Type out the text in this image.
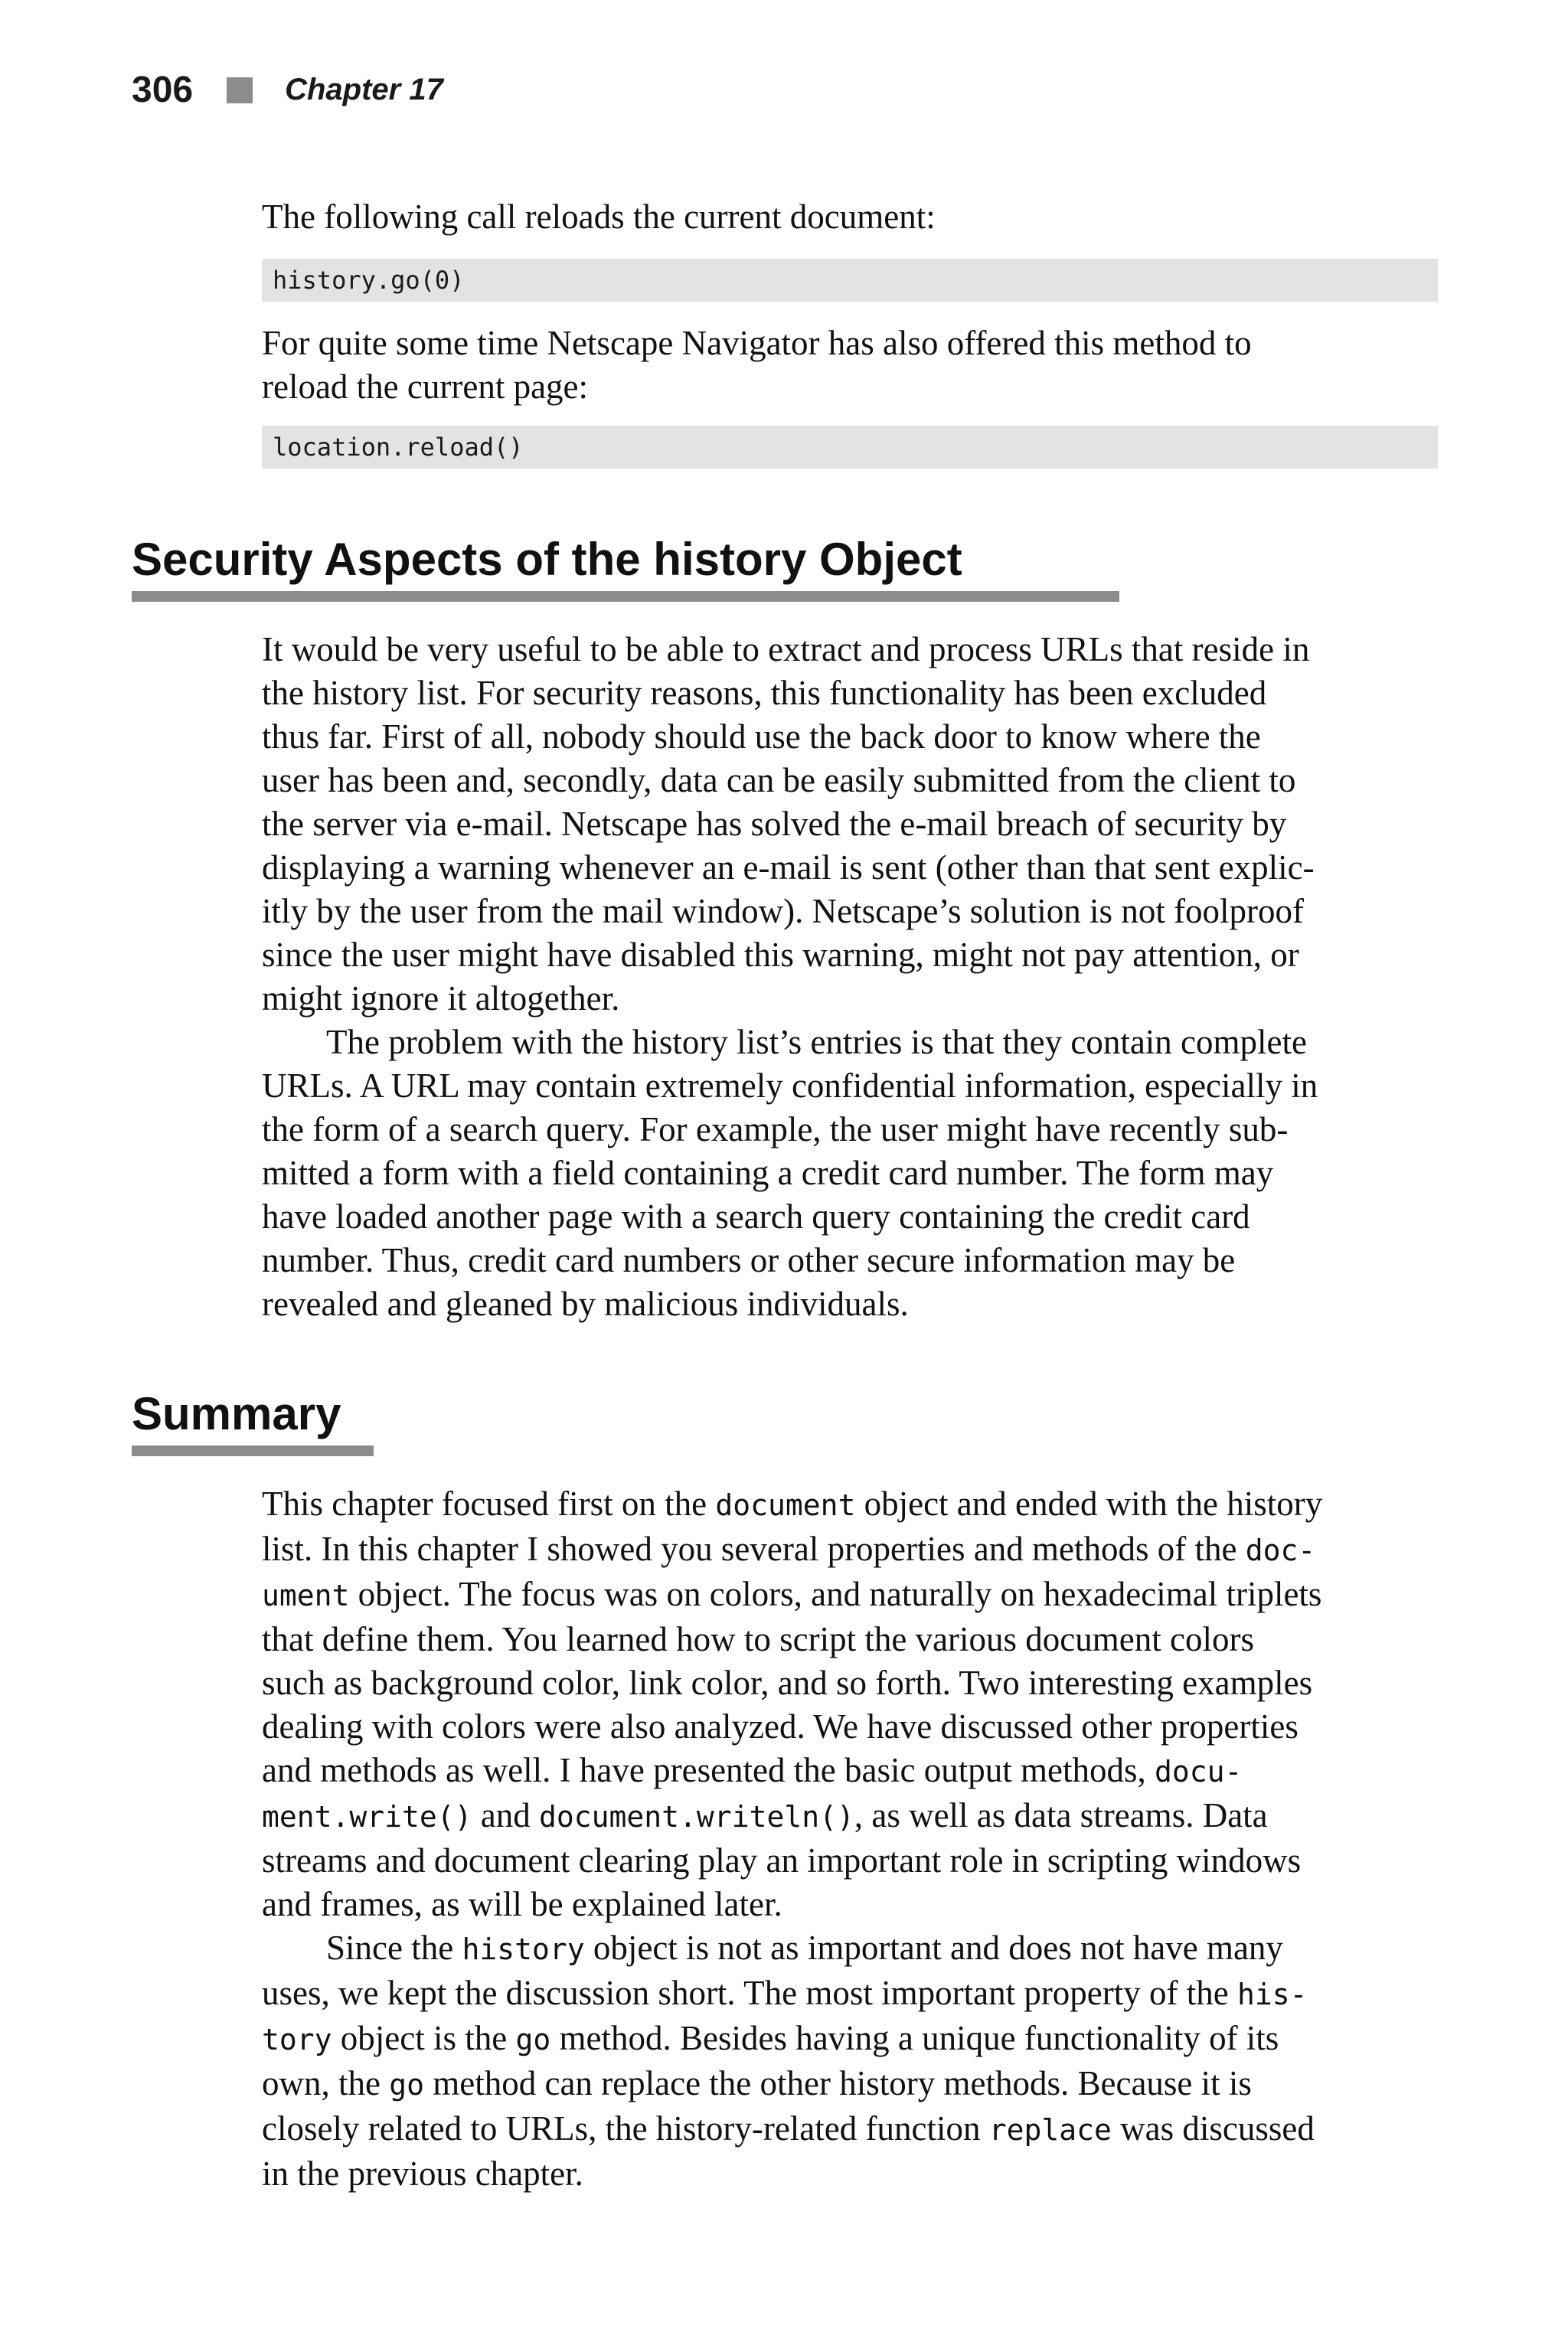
306	Chapter 17

The following call reloads the current document:

history.go(0)

For quite some time Netscape Navigator has also offered this method to
reload the current page:

location.reload()
Security Aspects of the history Object

It would be very useful to be able to extract and process URLs that reside in
the history list. For security reasons, this functionality has been excluded
thus far. First of all, nobody should use the back door to know where the
user has been and, secondly, data can be easily submitted from the client to
the server via e-mail. Netscape has solved the e-mail breach of security by
displaying a warning whenever an e-mail is sent (other than that sent explic-
itly by the user from the mail window). Netscape’s solution is not foolproof
since the user might have disabled this warning, might not pay attention, or
might ignore it altogether.

The problem with the history list’s entries is that they contain complete
URLs. A URL may contain extremely confidential information, especially in
the form of a search query. For example, the user might have recently sub-
mitted a form with a field containing a credit card number. The form may
have loaded another page with a search query containing the credit card
number. Thus, credit card numbers or other secure information may be
revealed and gleaned by malicious individuals.

Summary

This chapter focused first on the document object and ended with the history
list. In this chapter I showed you several properties and methods of the doc-
ument object. The focus was on colors, and naturally on hexadecimal triplets
that define them. You learned how to script the various document colors
such as background color, link color, and so forth. Two interesting examples
dealing with colors were also analyzed. We have discussed other properties
and methods as well. I have presented the basic output methods, docu-
ment.write() and document.writeln(), as well as data streams. Data
streams and document clearing play an important role in scripting windows
and frames, as will be explained later.

Since the history object is not as important and does not have many
uses, we kept the discussion short. The most important property of the his-
tory object is the go method. Besides having a unique functionality of its
own, the go method can replace the other history methods. Because it is
closely related to URLs, the history-related function replace was discussed
in the previous chapter.
